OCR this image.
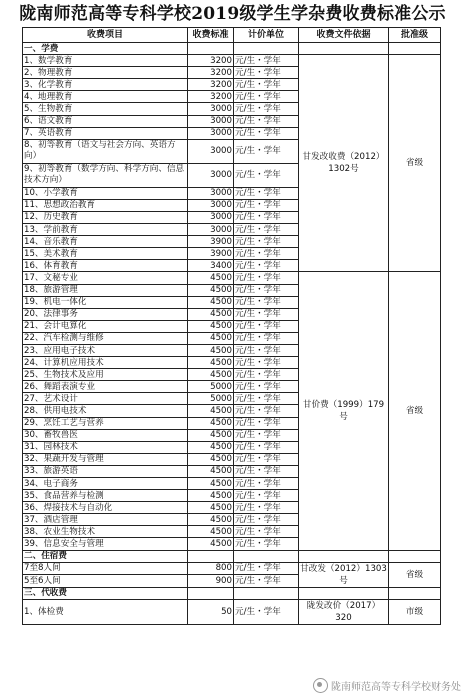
陇南师范高等专科学校2019级学生学杂费收费标准公示
收费项目	收费标准	计价单位	收费文件依据	批准级
一、学费				
1、数学教育	3200	元/生・学年	甘发改收费（2012）1302号	省级
2、物理教育	3200	元/生・学年		
3、化学教育	3200	元/生・学年		
4、地理教育	3200	元/生・学年		
5、生物教育	3000	元/生・学年		
6、语文教育	3000	元/生・学年		
7、英语教育	3000	元/生・学年		
8、初等教育（语文与社会方向、英语方向）	3000	元/生・学年		
9、初等教育（数学方向、科学方向、信息技术方向）	3000	元/生・学年		
10、小学教育	3000	元/生・学年		
11、思想政治教育	3000	元/生・学年		
12、历史教育	3000	元/生・学年		
13、学前教育	3000	元/生・学年		
14、音乐教育	3900	元/生・学年		
15、美术教育	3900	元/生・学年		
16、体育教育	3400	元/生・学年		
17、文秘专业	4500	元/生・学年	甘价费（1999）179号	省级
18、旅游管理	4500	元/生・学年		
19、机电一体化	4500	元/生・学年		
20、法律事务	4500	元/生・学年		
21、会计电算化	4500	元/生・学年		
22、汽车检测与维修	4500	元/生・学年		
23、应用电子技术	4500	元/生・学年		
24、计算机应用技术	4500	元/生・学年		
25、生物技术及应用	4500	元/生・学年		
26、舞蹈表演专业	5000	元/生・学年		
27、艺术设计	5000	元/生・学年		
28、供用电技术	4500	元/生・学年		
29、烹饪工艺与营养	4500	元/生・学年		
30、畜牧兽医	4500	元/生・学年		
31、园林技术	4500	元/生・学年		
32、果蔬开发与管理	4500	元/生・学年		
33、旅游英语	4500	元/生・学年		
34、电子商务	4500	元/生・学年		
35、食品营养与检测	4500	元/生・学年		
36、焊接技术与自动化	4500	元/生・学年		
37、酒店管理	4500	元/生・学年		
38、农业生物技术	4500	元/生・学年		
39、信息安全与管理	4500	元/生・学年		
二、住宿费				
7至8人间	800	元/生・学年	甘改发（2012）1303号	省级
5至6人间	900	元/生・学年		
三、代收费				
1、体检费	50	元/生・学年	陇发改价（2017）320	市级
陇南师范高等专科学校财务处
